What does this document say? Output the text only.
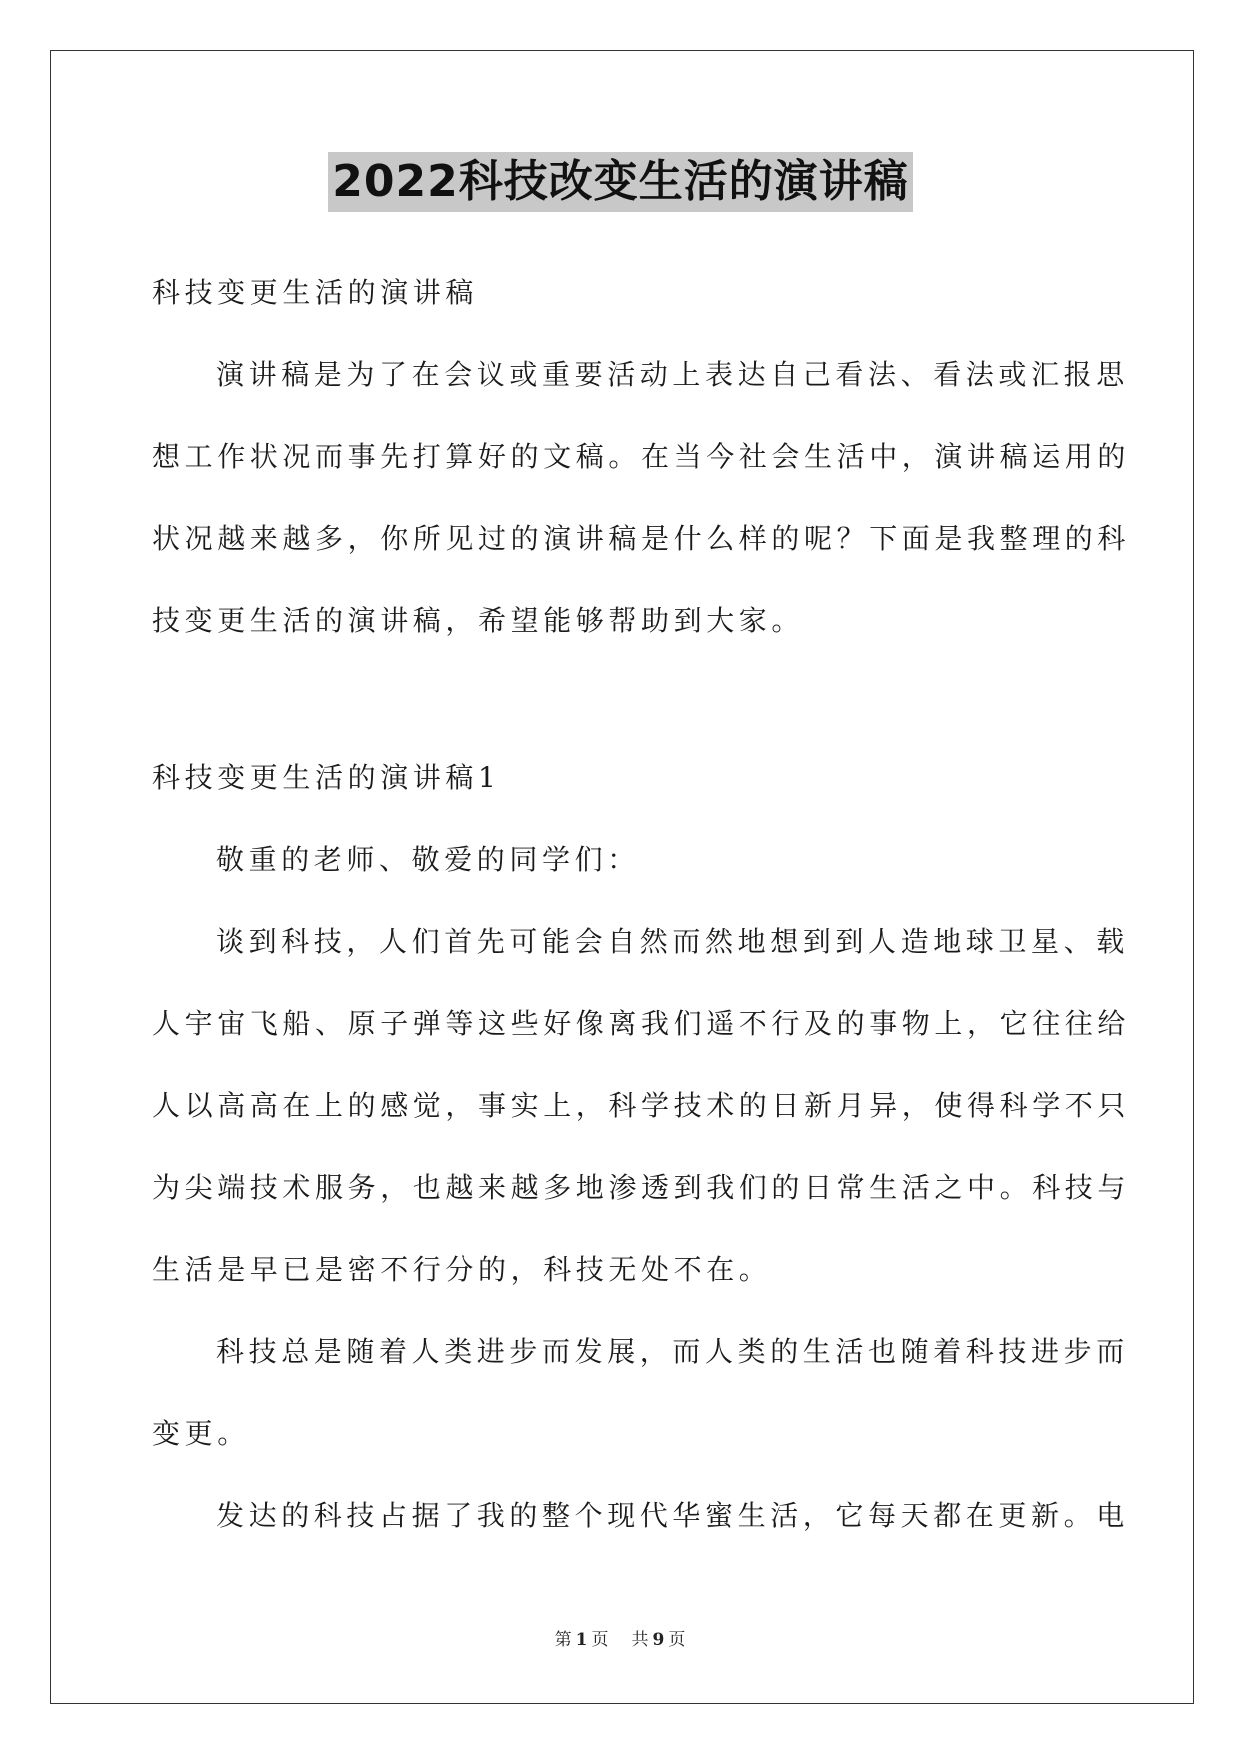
2022科技改变生活的演讲稿

科技变更生活的演讲稿

演讲稿是为了在会议或重要活动上表达自己看法、看法或汇报思

想工作状况而事先打算好的文稿。在当今社会生活中，演讲稿运用的

状况越来越多，你所见过的演讲稿是什么样的呢？下面是我整理的科

技变更生活的演讲稿，希望能够帮助到大家。

科技变更生活的演讲稿1

敬重的老师、敬爱的同学们：

谈到科技，人们首先可能会自然而然地想到到人造地球卫星、载

人宇宙飞船、原子弹等这些好像离我们遥不行及的事物上，它往往给

人以高高在上的感觉，事实上，科学技术的日新月异，使得科学不只

为尖端技术服务，也越来越多地渗透到我们的日常生活之中。科技与

生活是早已是密不行分的，科技无处不在。

科技总是随着人类进步而发展，而人类的生活也随着科技进步而

变更。

发达的科技占据了我的整个现代华蜜生活，它每天都在更新。电

第 1 页 共 9 页
